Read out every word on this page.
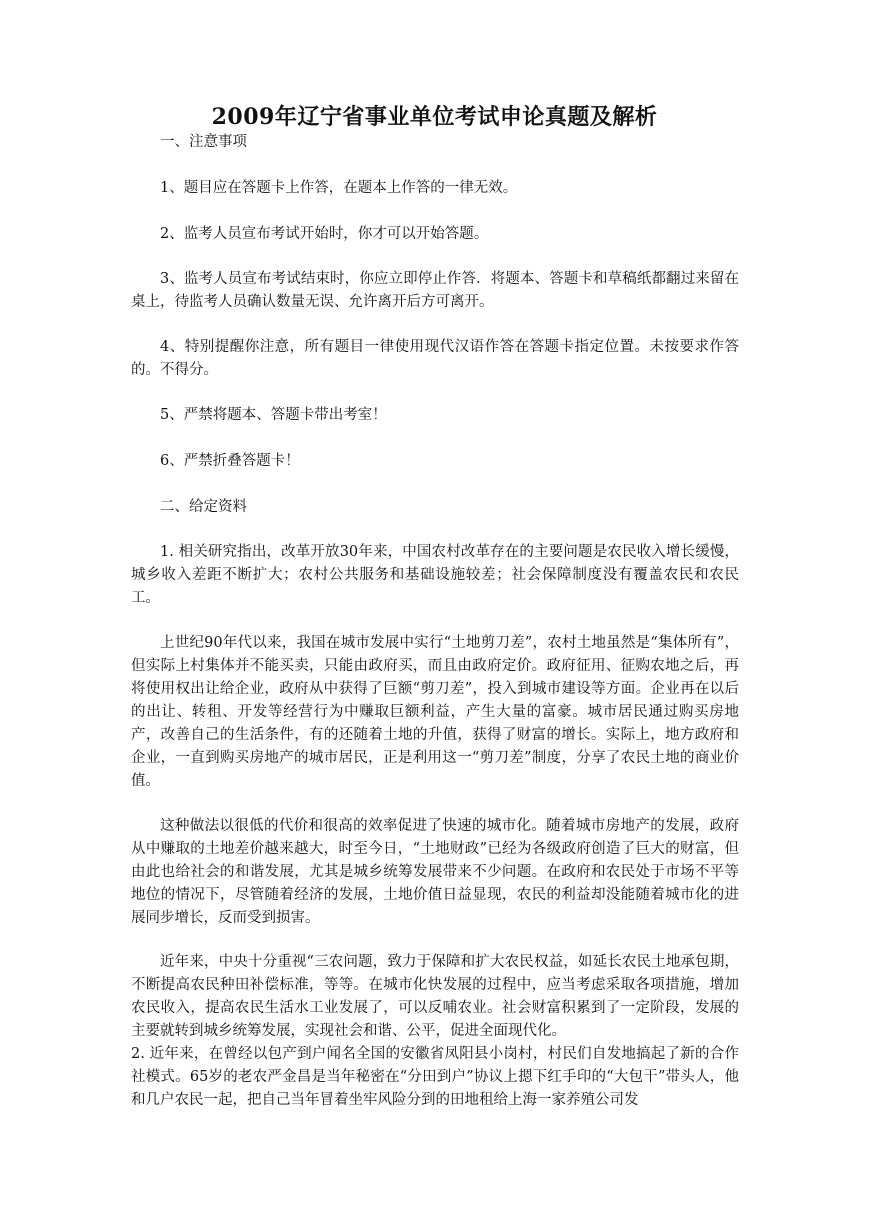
2009年辽宁省事业单位考试申论真题及解析

一、注意事项

1、题目应在答题卡上作答，在题本上作答的一律无效。

2、监考人员宣布考试开始时，你才可以开始答题。

3、监考人员宣布考试结束时，你应立即停止作答．将题本、答题卡和草稿纸都翻过来留在桌上，待监考人员确认数量无误、允许离开后方可离开。

4、特别提醒你注意，所有题目一律使用现代汉语作答在答题卡指定位置。未按要求作答的。不得分。

5、严禁将题本、答题卡带出考室！

6、严禁折叠答题卡！

二、给定资料

1. 相关研究指出，改革开放30年来，中国农村改革存在的主要问题是农民收入增长缓慢，城乡收入差距不断扩大；农村公共服务和基础设施较差；社会保障制度没有覆盖农民和农民工。

上世纪90年代以来，我国在城市发展中实行“土地剪刀差”，农村土地虽然是“集体所有”，但实际上村集体并不能买卖，只能由政府买，而且由政府定价。政府征用、征购农地之后，再将使用权出让给企业，政府从中获得了巨额“剪刀差”，投入到城市建设等方面。企业再在以后的出让、转租、开发等经营行为中赚取巨额利益，产生大量的富豪。城市居民通过购买房地产，改善自己的生活条件，有的还随着土地的升值，获得了财富的增长。实际上，地方政府和企业，一直到购买房地产的城市居民，正是利用这一“剪刀差”制度，分享了农民土地的商业价值。

这种做法以很低的代价和很高的效率促进了快速的城市化。随着城市房地产的发展，政府从中赚取的土地差价越来越大，时至今日，“土地财政”已经为各级政府创造了巨大的财富，但由此也给社会的和谐发展，尤其是城乡统筹发展带来不少问题。在政府和农民处于市场不平等地位的情况下，尽管随着经济的发展，土地价值日益显现，农民的利益却没能随着城市化的进展同步增长，反而受到损害。

近年来，中央十分重视“三农问题，致力于保障和扩大农民权益，如延长农民土地承包期，不断提高农民种田补偿标准，等等。在城市化快发展的过程中，应当考虑采取各项措施，增加农民收入，提高农民生活水工业发展了，可以反哺农业。社会财富积累到了一定阶段，发展的主要就转到城乡统筹发展，实现社会和谐、公平，促进全面现代化。

2. 近年来，在曾经以包产到户闻名全国的安徽省凤阳县小岗村，村民们自发地搞起了新的合作社模式。65岁的老农严金昌是当年秘密在“分田到户”协议上摁下红手印的“大包干”带头人，他和几户农民一起，把自己当年冒着坐牢风险分到的田地租给上海一家养殖公司发
